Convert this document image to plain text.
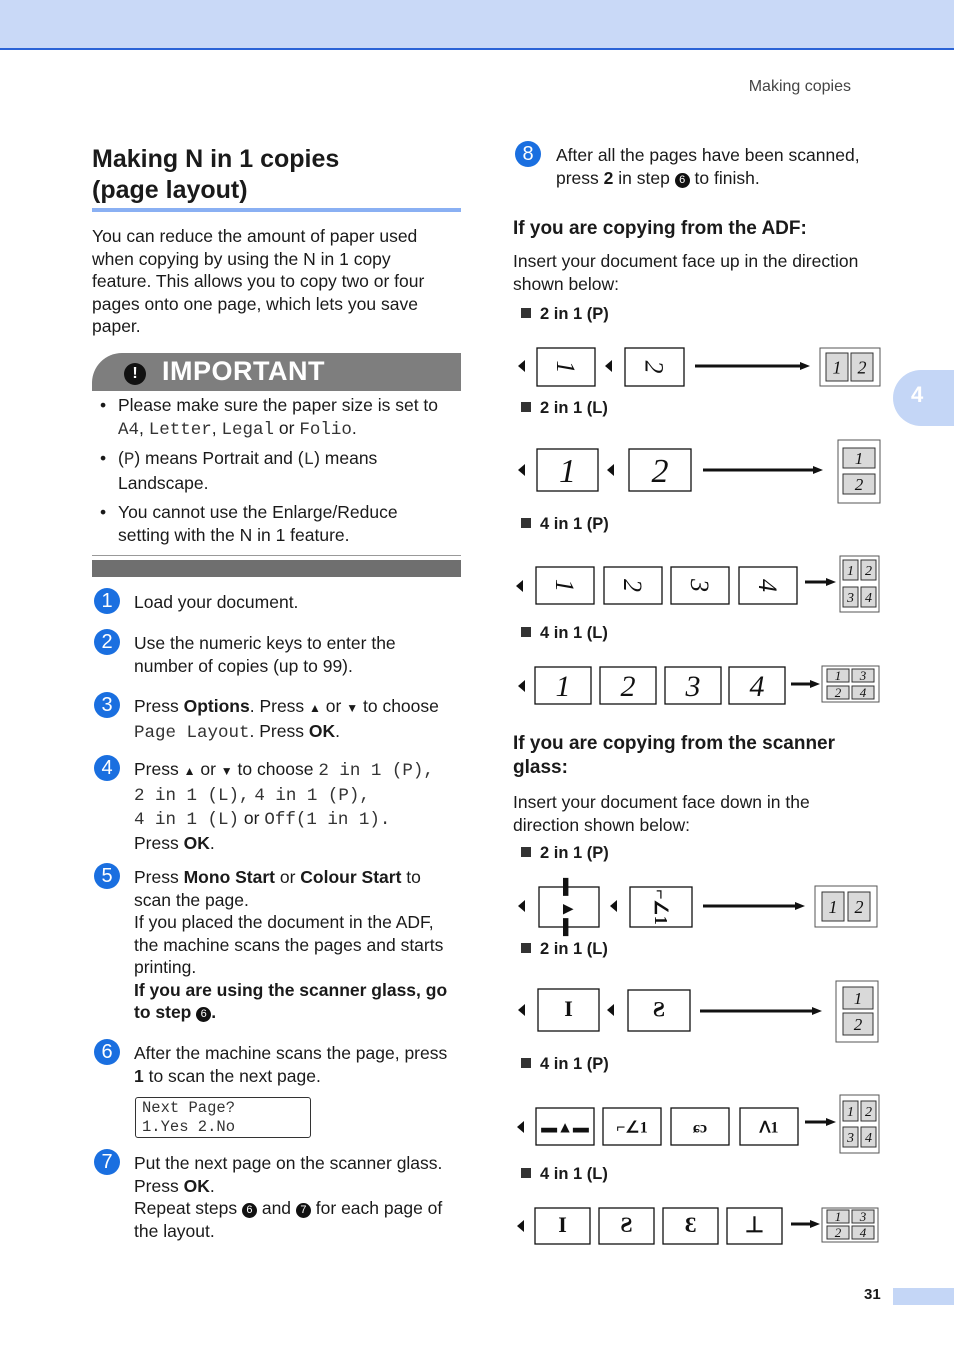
Making copies
4
Making N in 1 copies
(page layout)
You can reduce the amount of paper used
when copying by using the N in 1 copy
feature. This allows you to copy two or four
pages onto one page, which lets you save
paper.
! IMPORTANT
• Please make sure the paper size is set to
A4, Letter, Legal or Folio.
• (P) means Portrait and (L) means
Landscape.
• You cannot use the Enlarge/Reduce
setting with the N in 1 feature.
1	Load your document.
2	Use the numeric keys to enter the
number of copies (up to 99).
3	Press Options. Press ▲ or ▼ to choose
Page Layout. Press OK.
4	Press ▲ or ▼ to choose 2 in 1 (P),
2 in 1 (L), 4 in 1 (P),
4 in 1 (L) or Off(1 in 1).
Press OK.
5	Press Mono Start or Colour Start to
scan the page.
If you placed the document in the ADF,
the machine scans the pages and starts
printing.
If you are using the scanner glass, go
to step 6 .
6	After the machine scans the page, press
1 to scan the next page.
Next Page?
1.Yes 2.No
7	Put the next page on the scanner glass.
Press OK.
Repeat steps 6 and 7 for each page of
the layout.
8	After all the pages have been scanned,
press 2 in step 6 to finish.
If you are copying from the ADF:
Insert your document face up in the direction
shown below:
2 in 1 (P)
2 in 1 (L)
4 in 1 (P)
4 in 1 (L)
If you are copying from the scanner
glass:
Insert your document face down in the
direction shown below:
2 in 1 (P)
2 in 1 (L)
4 in 1 (P)
4 in 1 (L)
1 2	1 2
1 2	1
2
1 2 3 4
1 2
3 4
1 2 3 4	1 3
2 4
▬ ▲▬	⌐∠1	1 2
I	Ƨ	1
2
▬▲▬ ⌐∠1	ɕɔ	ᐱ1
1 2
3 4
I Ƨ Ɛ ⊥	1 3
2 4
31
